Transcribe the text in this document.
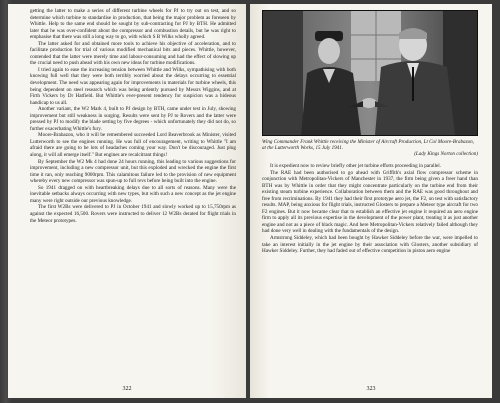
getting the latter to make a series of different turbine wheels for PJ to try out on test, and so determine which turbine to standardise in production, that being the major problem as foreseen by Whittle. Help to the same end should be sought by sub-contracting for PJ by BTH. He admitted later that he was over-confident about the compressor and combustion details, but he was right to emphasise that there was still a long way to go, with which S B Wilks wholly agreed.

The latter asked for and obtained more tools to achieve his objective of acceleration, and to facilitate production for trial of various modified mechanical bits and pieces. Whittle, however, contended that the latter were merely time and labour-consuming and had the effect of slowing up the crucial need to push ahead with his own new ideas for turbine modifications.

I tried again to ease the increasing tension between Whittle and Wilks, sympathising with both knowing full well that they were both terribly worried about the delays occurring to essential development. The need was appearing again for improvements in materials for turbine wheels, this being dependent on steel research which was being ardently pursued by Messrs Wiggins, and at Firth Vickers by Dr Hatfield. But Whittle's ever-present tendency for suspicion was a hideous handicap to us all.

Another variant, the W2 Mark 4, built to PJ design by BTH, came under test in July, showing improvement but still weakness in surging. Results were sent by PJ to Rovers and the latter were pressed by PJ to modify the blade setting by five degrees - which unfortunately they did not do, so further exacerbating Whittle's fury.

Moore-Brabazon, who it will be remembered succeeded Lord Beaverbrook as Minister, visited Lutterworth to see the engines running. He was full of encouragement, writing to Whittle "I am afraid there are going to be lots of headaches coming your way. Don't be discouraged. Just plug along, it will all emerge itself." But engines are recalcitrant things!

By September the W2 Mk 4 had done 24 hours running, this leading to various suggestions for improvement, including a new compressor unit, but this exploded and wrecked the engine the first time it ran, only reaching 9000rpm. This calamitous failure led to the provision of new equipment whereby every new compressor was spun-up to full revs before being built into the engine.

So 1941 dragged on with heartbreaking delays due to all sorts of reasons. Many were the inevitable setbacks always occurring with new types, but with such a new concept as the jet engine many were right outside our previous knowledge.

The first W2Bs were delivered to PJ in October 1941 and slowly worked up to 15,750rpm as against the expected 16,500. Rovers were instructed to deliver 12 W2Bs derated for flight trials in the Meteor prototypes.

322
Wing Commander Frank Whittle receiving the Minister of Aircraft Production, Lt Col Moore-Brabazon, at the Lutterworth Works, 15 July 1941.
(Lady Kings Norton collection)

It is expedient now to review briefly other jet turbine efforts proceeding in parallel.

The RAE had been authorised to go ahead with Griffith's axial flow compressor scheme in conjunction with Metropolitan-Vickers of Manchester in 1937, the firm being given a freer hand than BTH was by Whittle in order that they might concentrate particularly on the turbine end from their existing steam turbine experience. Collaboration between them and the RAE was good throughout and free from recriminations. By 1941 they had their first prototype aero jet, the F2, on test with satisfactory results. MAP, being anxious for flight trials, instructed Glosters to prepare a Meteor type aircraft for two F2 engines. But it now became clear that to establish an effective jet engine it required an aero engine firm to apply all its previous expertise in the development of the power plant, treating it as just another engine and not as a piece of black magic. And here Metropolitan-Vickers relatively failed although they had done very well in dealing with the fundamentals of the design.

Armstrong Siddeley, which had been bought by Hawker Siddeley before the war, were impelled to take an interest initially in the jet engine by their association with Glosters, another subsidiary of Hawker Siddeley. Further, they had faded out of effective competition in piston aero engine

323
